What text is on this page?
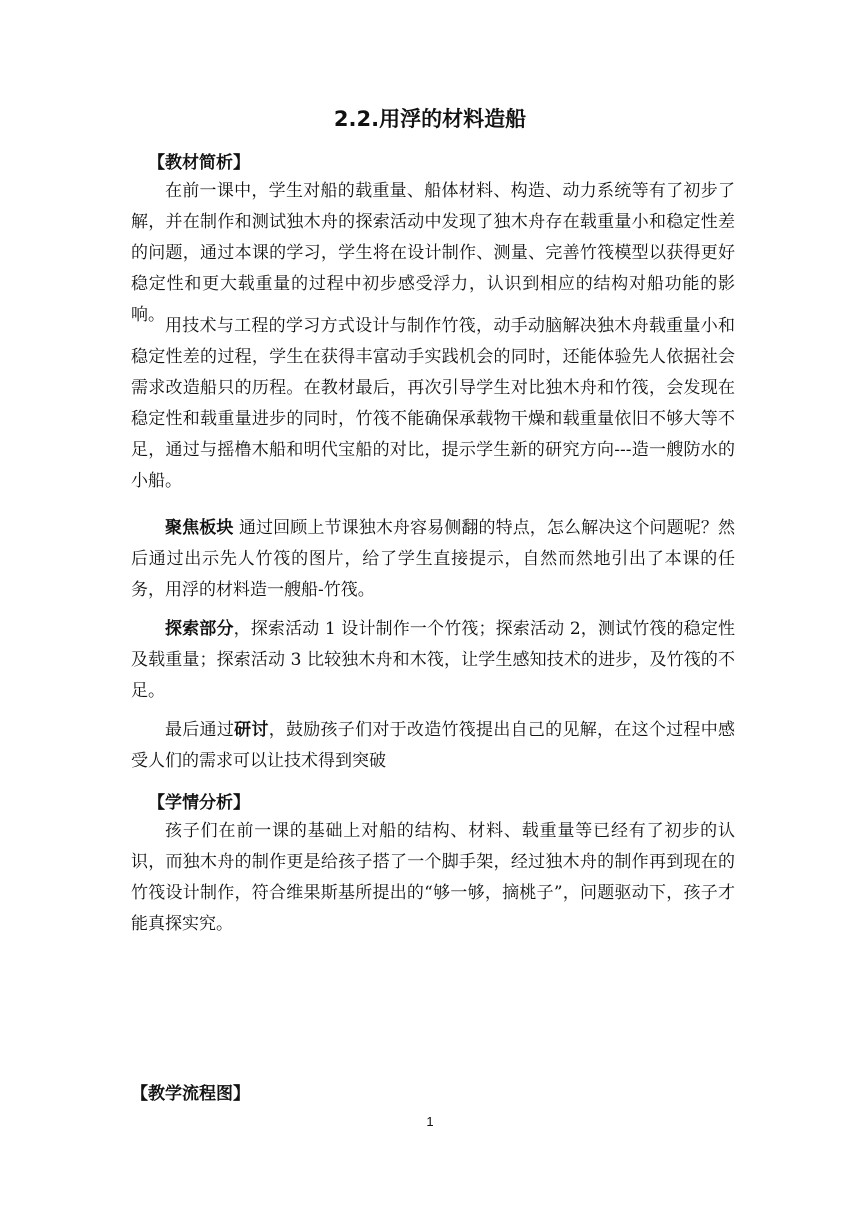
2.2.用浮的材料造船
【教材简析】

在前一课中，学生对船的载重量、船体材料、构造、动力系统等有了初步了解，并在制作和测试独木舟的探索活动中发现了独木舟存在载重量小和稳定性差的问题，通过本课的学习，学生将在设计制作、测量、完善竹筏模型以获得更好稳定性和更大载重量的过程中初步感受浮力，认识到相应的结构对船功能的影响。

用技术与工程的学习方式设计与制作竹筏，动手动脑解决独木舟载重量小和稳定性差的过程，学生在获得丰富动手实践机会的同时，还能体验先人依据社会需求改造船只的历程。在教材最后，再次引导学生对比独木舟和竹筏，会发现在稳定性和载重量进步的同时，竹筏不能确保承载物干燥和载重量依旧不够大等不足，通过与摇橹木船和明代宝船的对比，提示学生新的研究方向---造一艘防水的小船。

聚焦板块 通过回顾上节课独木舟容易侧翻的特点，怎么解决这个问题呢？然后通过出示先人竹筏的图片，给了学生直接提示，自然而然地引出了本课的任务，用浮的材料造一艘船-竹筏。

探索部分，探索活动 1 设计制作一个竹筏；探索活动 2，测试竹筏的稳定性及载重量；探索活动 3 比较独木舟和木筏，让学生感知技术的进步，及竹筏的不足。

最后通过研讨，鼓励孩子们对于改造竹筏提出自己的见解，在这个过程中感受人们的需求可以让技术得到突破

【学情分析】

孩子们在前一课的基础上对船的结构、材料、载重量等已经有了初步的认识，而独木舟的制作更是给孩子搭了一个脚手架，经过独木舟的制作再到现在的竹筏设计制作，符合维果斯基所提出的“够一够，摘桃子”，问题驱动下，孩子才能真探实究。

【教学流程图】
1
